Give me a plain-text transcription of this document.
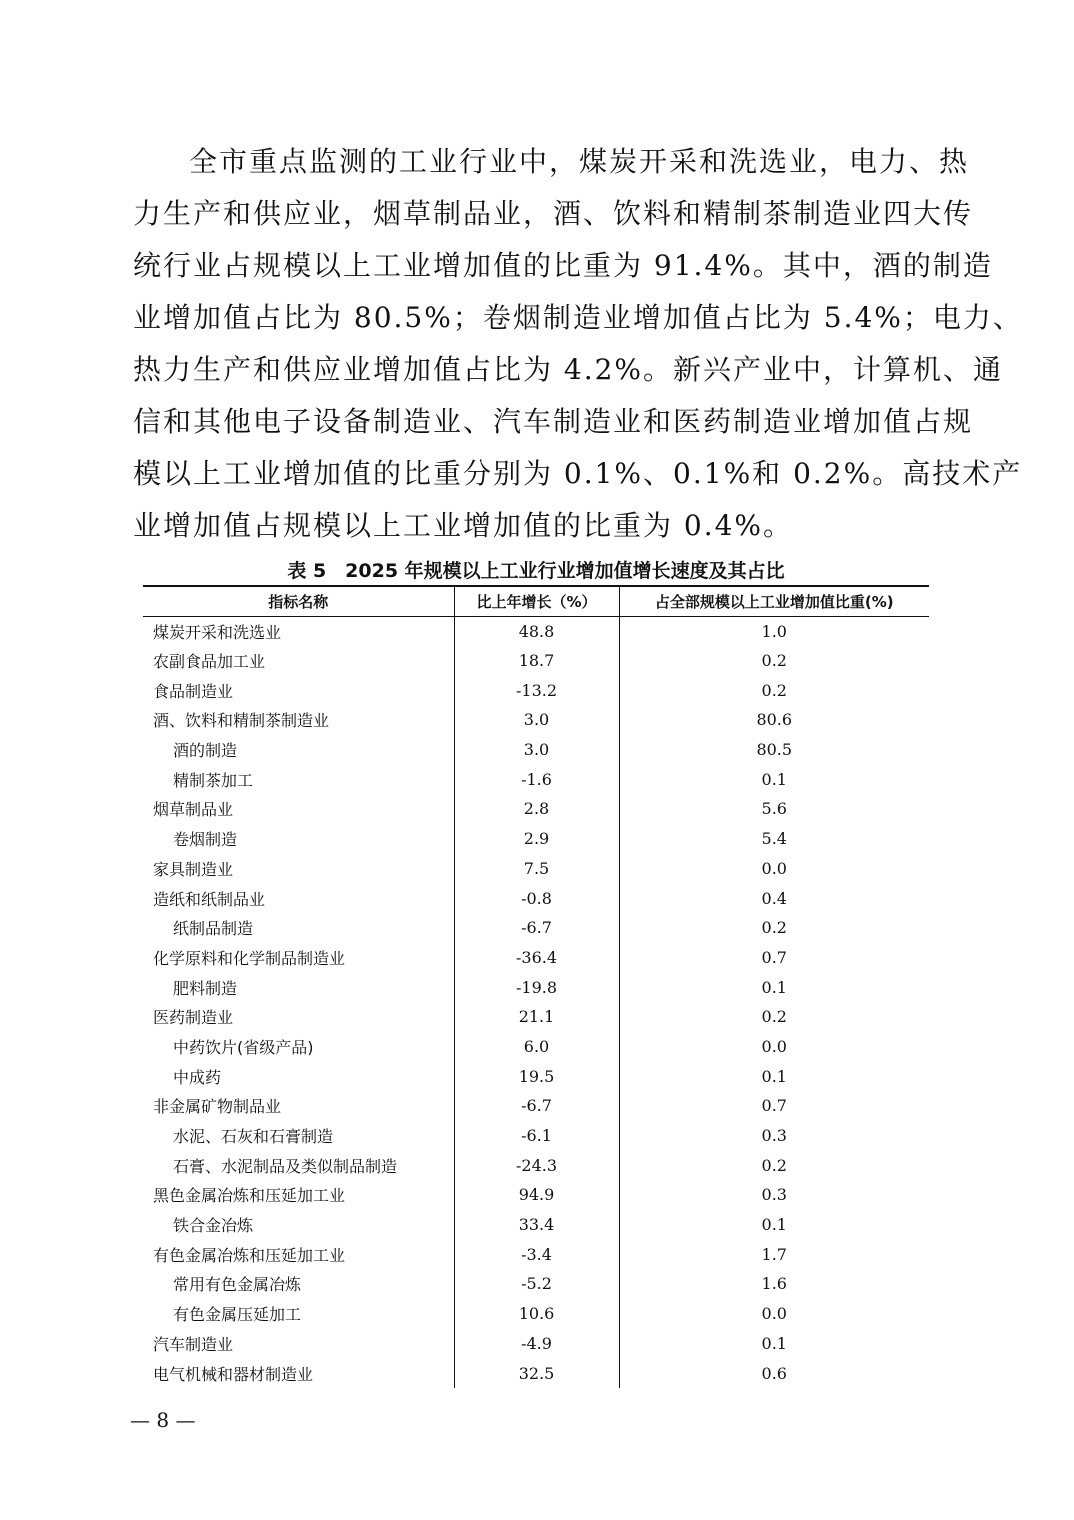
全市重点监测的工业行业中，煤炭开采和洗选业，电力、热
力生产和供应业，烟草制品业，酒、饮料和精制茶制造业四大传
统行业占规模以上工业增加值的比重为 91.4%。其中，酒的制造
业增加值占比为 80.5%；卷烟制造业增加值占比为 5.4%；电力、
热力生产和供应业增加值占比为 4.2%。新兴产业中，计算机、通
信和其他电子设备制造业、汽车制造业和医药制造业增加值占规
模以上工业增加值的比重分别为 0.1%、0.1%和 0.2%。高技术产
业增加值占规模以上工业增加值的比重为 0.4%。

表 5　2025 年规模以上工业行业增加值增长速度及其占比
指标名称	比上年增长（%）	占全部规模以上工业增加值比重(%)
煤炭开采和洗选业	48.8	1.0
农副食品加工业	18.7	0.2
食品制造业	-13.2	0.2
酒、饮料和精制茶制造业	3.0	80.6
酒的制造	3.0	80.5
精制茶加工	-1.6	0.1
烟草制品业	2.8	5.6
卷烟制造	2.9	5.4
家具制造业	7.5	0.0
造纸和纸制品业	-0.8	0.4
纸制品制造	-6.7	0.2
化学原料和化学制品制造业	-36.4	0.7
肥料制造	-19.8	0.1
医药制造业	21.1	0.2
中药饮片(省级产品)	6.0	0.0
中成药	19.5	0.1
非金属矿物制品业	-6.7	0.7
水泥、石灰和石膏制造	-6.1	0.3
石膏、水泥制品及类似制品制造	-24.3	0.2
黑色金属冶炼和压延加工业	94.9	0.3
铁合金冶炼	33.4	0.1
有色金属冶炼和压延加工业	-3.4	1.7
常用有色金属冶炼	-5.2	1.6
有色金属压延加工	10.6	0.0
汽车制造业	-4.9	0.1
电气机械和器材制造业	32.5	0.6
— 8 —
